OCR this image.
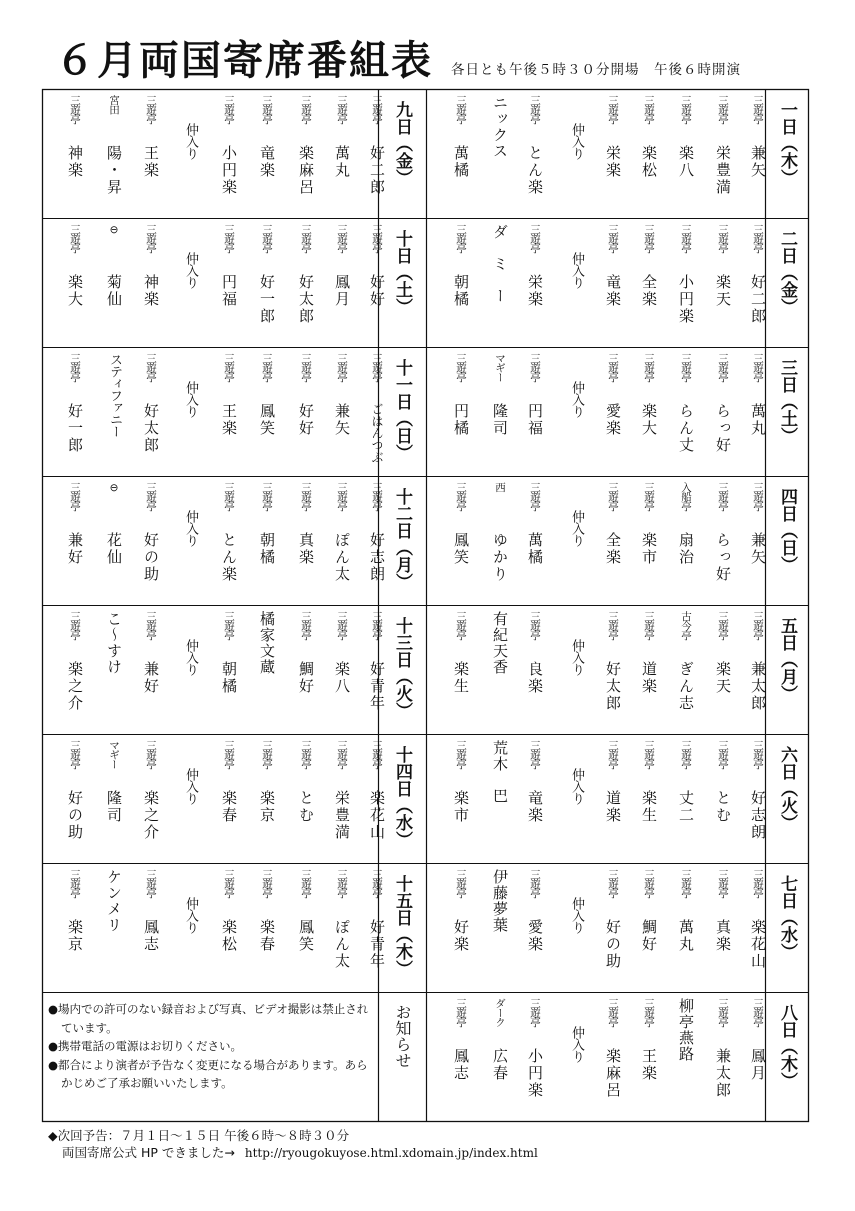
６月両国寄席番組表 各日とも午後５時３０分開場　午後６時開演
一日（木）
三遊亭
兼矢
三遊亭
栄豊満
三遊亭
楽八
三遊亭
楽松
三遊亭
栄楽
仲入り
三遊亭
とん楽
ニックス
三遊亭
萬橘
九日（金）
三遊亭
好二郎
三遊亭
萬丸
三遊亭
楽麻呂
三遊亭
竜楽
三遊亭
小円楽
仲入り
三遊亭
王楽
宮田
陽・昇
三遊亭
神楽
二日（金）
三遊亭
好二郎
三遊亭
楽天
三遊亭
小円楽
三遊亭
全楽
三遊亭
竜楽
仲入り
三遊亭
栄楽
ダ　ミ　ー
三遊亭
朝橘
十日（土）
三遊亭
好好
三遊亭
鳳月
三遊亭
好太郎
三遊亭
好一郎
三遊亭
円福
仲入り
三遊亭
神楽
⊖
菊仙
三遊亭
楽大
三日（土）
三遊亭
萬丸
三遊亭
らっ好
三遊亭
らん丈
三遊亭
楽大
三遊亭
愛楽
仲入り
三遊亭
円福
マギー
隆司
三遊亭
円橘
十一日（日）
三遊亭
ごはんつぶ
三遊亭
兼矢
三遊亭
好好
三遊亭
鳳笑
三遊亭
王楽
仲入り
三遊亭
好太郎
スティファニー
三遊亭
好一郎
四日（日）
三遊亭
兼矢
三遊亭
らっ好
入船亭
扇治
三遊亭
楽市
三遊亭
全楽
仲入り
三遊亭
萬橘
西
ゆかり
三遊亭
鳳笑
十二日（月）
三遊亭
好志朗
三遊亭
ぽん太
三遊亭
真楽
三遊亭
朝橘
三遊亭
とん楽
仲入り
三遊亭
好の助
⊖
花仙
三遊亭
兼好
五日（月）
三遊亭
兼太郎
三遊亭
楽天
古今亭
ぎん志
三遊亭
道楽
三遊亭
好太郎
仲入り
三遊亭
良楽
有紀天香
三遊亭
楽生
十三日（火）
三遊亭
好青年
三遊亭
楽八
三遊亭
鯛好
橘家文蔵
三遊亭
朝橘
仲入り
三遊亭
兼好
こ〜すけ
三遊亭
楽之介
六日（火）
三遊亭
好志朗
三遊亭
とむ
三遊亭
丈二
三遊亭
楽生
三遊亭
道楽
仲入り
三遊亭
竜楽
荒木　巴
三遊亭
楽市
十四日（水）
三遊亭
楽花山
三遊亭
栄豊満
三遊亭
とむ
三遊亭
楽京
三遊亭
楽春
仲入り
三遊亭
楽之介
マギー
隆司
三遊亭
好の助
七日（水）
三遊亭
楽花山
三遊亭
真楽
三遊亭
萬丸
三遊亭
鯛好
三遊亭
好の助
仲入り
三遊亭
愛楽
伊藤夢葉
三遊亭
好楽
十五日（木）
三遊亭
好青年
三遊亭
ぽん太
三遊亭
鳳笑
三遊亭
楽春
三遊亭
楽松
仲入り
三遊亭
鳳志
ケンメリ
三遊亭
楽京
八日（木）
三遊亭
鳳月
三遊亭
兼太郎
柳亭燕路
三遊亭
王楽
三遊亭
楽麻呂
仲入り
三遊亭
小円楽
ダーク
広春
三遊亭
鳳志
●場内での許可のない録音および写真、ビデオ撮影は禁止されています。
●携帯電話の電源はお切りください。
●都合により演者が予告なく変更になる場合があります。あらかじめご了承お願いいたします。
お知らせ
◆次回予告：７月１日〜１５日 午後６時〜８時３０分
両国寄席公式 HP できました→ http://ryougokuyose.html.xdomain.jp/index.html
